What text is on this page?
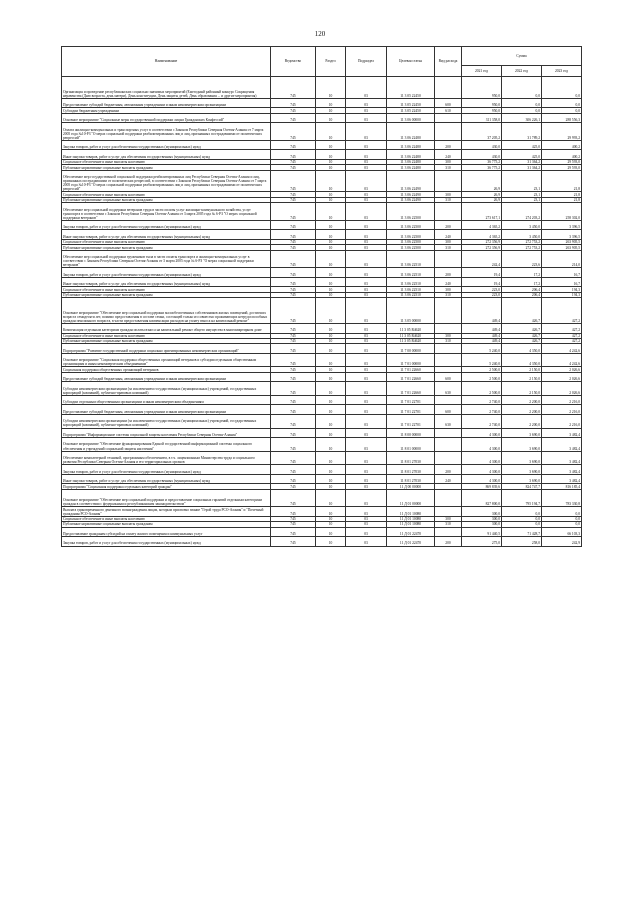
120
Наименование	Ведомство	Раздел	Подраздел	Целевая статья	Вид расхода	Сумма		
						2021 год	2022 год	2023 год
Организация и проведение республиканских социально значимых мероприятий (Ежегодный районный конкурс Сокращения неравенства (Дню возраста, день матери), День конституции, День защиты детей, День образования ... и другие мероприятия)	745	10	03	11 3 05 22450		950,0	0,0	0,0
Предоставление субсидий бюджетным, автономным учреждениям и иным некоммерческим организациям	745	10	03	11 3 05 22450	600	950,0	0,0	0,0
Субсидии бюджетным учреждениям	745	10	03	11 3 05 22450	610	950,0	0,0	0,0
Основное мероприятие "Социальные меры государственной поддержки лицам Гражданских Конфессий"	745	10	03	11 3 06 00000		311 358,0	306 226,1	288 556,3
Оплата жилищно-коммунальных и транспортных услуг в соответствии с Законом Республики Северная Осетия-Алания от 7 марта 2005 года №10-РЗ "О мерах социальной поддержки реабилитированных лиц и лиц, признанных пострадавшими от политических репрессий"	745	10	03	11 3 06 22480		37 205,2	31 789,2	29 993,2
Закупка товаров, работ и услуг для обеспечения государственных (муниципальных) нужд	745	10	03	11 3 06 22480	200	430,0	425,0	400,2
Иные закупки товаров, работ и услуг для обеспечения государственных (муниципальных) нужд	745	10	03	11 3 06 22480	240	430,0	425,0	400,2
Социальное обеспечение и иные выплаты населению	745	10	03	11 3 06 22480	300	36 775,2	31 364,2	29 593,0
Публичные нормативные социальные выплаты гражданам	745	10	03	11 3 06 22480	310	36 775,2	31 364,2	29 593,0
Обеспечение мер государственной социальной поддержки реабилитированных лиц Республики Северная Осетия-Алания и лиц, признанных пострадавшими от политических репрессий, в соответствии с Законом Республики Северная Осетия-Алания от 7 марта 2005 года №10-РЗ "О мерах социальной поддержки реабилитированных лиц и лиц, признанных пострадавшими от политических репрессий"	745	10	03	11 3 06 22490		26,9	23,1	21,8
Социальное обеспечение и иные выплаты населению	745	10	03	11 3 06 22490	300	26,9	23,1	21,8
Публичные нормативные социальные выплаты гражданам	745	10	03	11 3 06 22490	310	26,9	23,1	21,8
Обеспечение мер социальной поддержки ветеранов труда в части оплаты услуг жилищно-коммунального хозяйства, услуг транспорта в соответствии с Законом Республики Северная Осетия-Алания от 3 марта 2005 года № 6-РЗ "О мерах социальной поддержки ветеранов"	745	10	03	11 3 06 22500		273 617,1	274 203,2	258 302,0
Закупка товаров, работ и услуг для обеспечения государственных (муниципальных) нужд	745	10	03	11 3 06 22500	200	4 365,2	3 450,0	3 396,5
Иные закупки товаров, работ и услуг для обеспечения государственных (муниципальных) нужд	745	10	03	11 3 06 22500	240	4 365,2	3 450,0	3 396,5
Социальное обеспечение и иные выплаты населению	745	10	03	11 3 06 22500	300	272 356,9	272 753,2	263 905,5
Публичные нормативные социальные выплаты гражданам	745	10	03	11 3 06 22500	310	272 356,9	272 753,2	263 905,5
Обеспечение мер социальной поддержки тружеников тыла в части оплаты транспорта и жилищно-коммунальных услуг в соответствии с Законом Республики Северная Осетия-Алания от 3 марта 2005 года № 6-РЗ "О мерах социальной поддержки ветеранов"	745	10	03	11 3 06 22510		242,4	223,6	214,0
Закупка товаров, работ и услуг для обеспечения государственных (муниципальных) нужд	745	10	03	11 3 06 22510	200	19,4	17,2	16,7
Иные закупки товаров, работ и услуг для обеспечения государственных (муниципальных) нужд	745	10	03	11 3 06 22510	240	19,4	17,2	16,7
Социальное обеспечение и иные выплаты населению	745	10	03	11 3 06 22510	300	223,0	206,4	194,3
Публичные нормативные социальные выплаты гражданам	745	10	03	11 3 06 22510	310	223,0	206,4	194,3
Основное мероприятие "Обеспечение мер социальной поддержки малообеспеченных собственников жилых помещений, достигших возраста семидесяти лет, помимо предоставления в составе семьи, состоящей только из совместно проживающих нетрудоспособных граждан пенсионного возраста, в части предоставления компенсации расходов на уплату взноса на капитальный ремонт"	745	10	03	11 3 05 00000		449,4	426,7	427,2
Компенсация отдельным категориям граждан оплаты взноса на капитальный ремонт общего имущества в многоквартирном доме	745	10	03	11 3 05 R4620		449,4	426,7	427,2
Социальное обеспечение и иные выплаты населению	745	10	03	11 3 05 R4620	300	449,4	426,7	427,2
Публичные нормативные социальные выплаты гражданам	745	10	03	11 3 05 R4620	310	449,4	426,7	427,2
Подпрограмма "Развитие государственной поддержки социально ориентированных некоммерческих организаций"	745	10	03	11 7 00 00000		5 240,0	4 350,0	4 242,6
Основное мероприятие "Социальная поддержка общественных организаций ветеранов и субсидии отдельным общественным организациям и иным некоммерческим объединениям"	745	10	03	11 7 01 00000		5 240,0	4 350,0	4 242,6
Социальная поддержка общественных организаций ветеранов	745	10	03	11 7 01 22660		2 500,0	2 150,0	2 026,6
Предоставление субсидий бюджетным, автономным учреждениям и иным некоммерческим организациям	745	10	03	11 7 01 22660	600	2 500,0	2 150,0	2 026,6
Субсидии некоммерческим организациям (за исключением государственных (муниципальных) учреждений, государственных корпораций (компаний), публично-правовых компаний)	745	10	03	11 7 01 22660	630	2 500,0	2 150,0	2 026,6
Субсидии отдельным общественным организациям и иным некоммерческим объединениям	745	10	03	11 7 01 22701		2 740,0	2 200,0	2 216,0
Предоставление субсидий бюджетным, автономным учреждениям и иным некоммерческим организациям	745	10	03	11 7 01 22701	600	2 740,0	2 200,0	2 216,0
Субсидии некоммерческим организациям (за исключением государственных (муниципальных) учреждений, государственных корпораций (компаний), публично-правовых компаний)	745	10	03	11 7 01 22701	630	2 740,0	2 200,0	2 216,0
Подпрограмма "Информационное системы социальной защиты населения Республики Северная Осетия-Алания"	745	10	03	11 8 00 00000		4 300,0	3 690,0	3 482,4
Основное мероприятие "Обеспечение функционирования Единой государственной информационной системы социального обеспечения и учреждений социальной защиты населения"	745	10	03	11 8 01 00000		4 300,0	3 690,0	3 482,4
Обеспечение компьютерной техникой, программным обеспечением, в т.ч. лицензионным Министерства труда и социального развития Республики Северная Осетия-Алания и его территориальных органов	745	10	03	11 8 01 27030		4 300,0	3 690,0	3 482,4
Закупка товаров, работ и услуг для обеспечения государственных (муниципальных) нужд	745	10	03	11 8 01 27030	200	4 300,0	3 690,0	3 482,4
Иные закупки товаров, работ и услуг для обеспечения государственных (муниципальных) нужд	745	10	03	11 8 01 27030	240	4 300,0	3 690,0	3 482,4
Подпрограмма "Социальная поддержка отдельных категорий граждан"	745	10	03	11 Д 00 00000		869 839,6	824 747,7	816 185,4
Основное мероприятие "Обеспечение мер социальной поддержки и предоставление социальных гарантий отдельным категориям граждан в соответствии с федеральным и республиканским законодательством"	745	10	03	11 Д 01 00000		827 800,0	795 194,7	783 330,8
Выплата единовременного денежного вознаграждения лицам, которым присвоено звание "Герой труда РСО-Алания" и "Почетный гражданин РСО-Алания"	745	10	03	11 Д 01 10080		300,0	0,0	0,0
Социальное обеспечение и иные выплаты населению	745	10	03	11 Д 01 10080	300	300,0	0,0	0,0
Публичные нормативные социальные выплаты гражданам	745	10	03	11 Д 01 10080	310	300,0	0,0	0,0
Предоставление гражданам субсидий на оплату жилого помещения и коммунальных услуг	745	10	03	11 Д 01 22470		91 440,5	71 428,7	66 103,3
Закупка товаров, работ и услуг для обеспечения государственных (муниципальных) нужд	745	10	03	11 Д 01 22470	200	275,0	258,0	242,9
